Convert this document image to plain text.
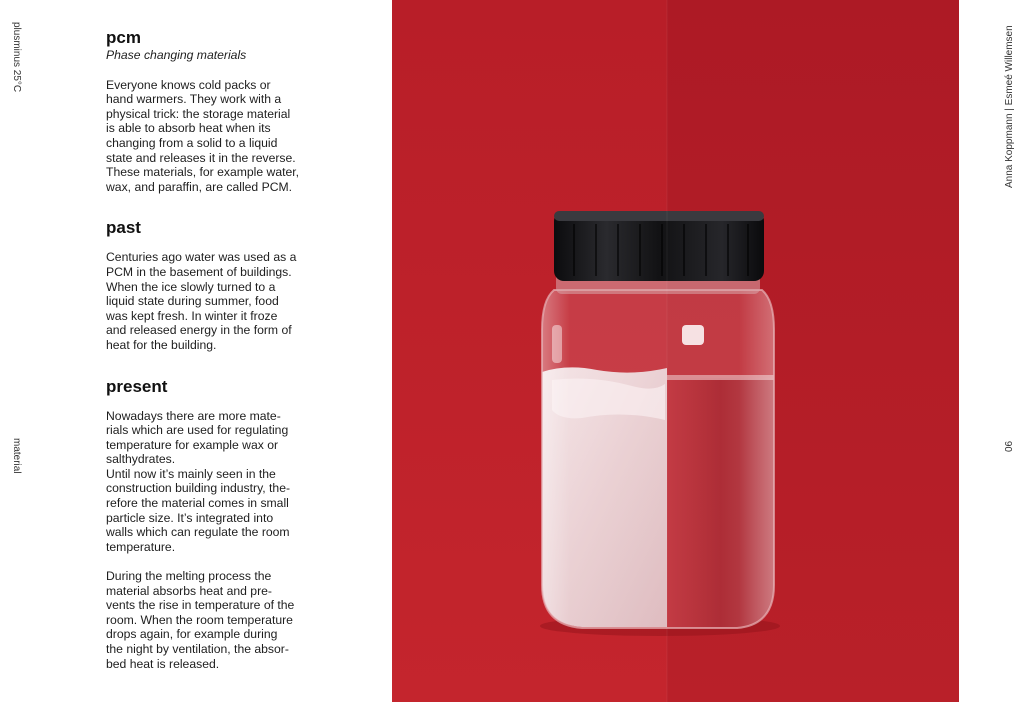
plusminus 25°C
material
Anna Koppmann | Esmeé Willemsen
06
pcm

Phase changing materials

Everyone knows cold packs or
hand warmers. They work with a
physical trick: the storage material
is able to absorb heat when its
changing from a solid to a liquid
state and releases it in the reverse.
These materials, for example water,
wax, and paraffin, are called PCM.

past

Centuries ago water was used as a
PCM in the basement of buildings.
When the ice slowly turned to a
liquid state during summer, food
was kept fresh. In winter it froze
and released energy in the form of
heat for the building.

present

Nowadays there are more mate-
rials which are used for regulating
temperature for example wax or
salthydrates.
Until now it’s mainly seen in the
construction building industry, the-
refore the material comes in small
particle size. It’s integrated into
walls which can regulate the room
temperature.

During the melting process the
material absorbs heat and pre-
vents the rise in temperature of the
room. When the room temperature
drops again, for example during
the night by ventilation, the absor-
bed heat is released.
